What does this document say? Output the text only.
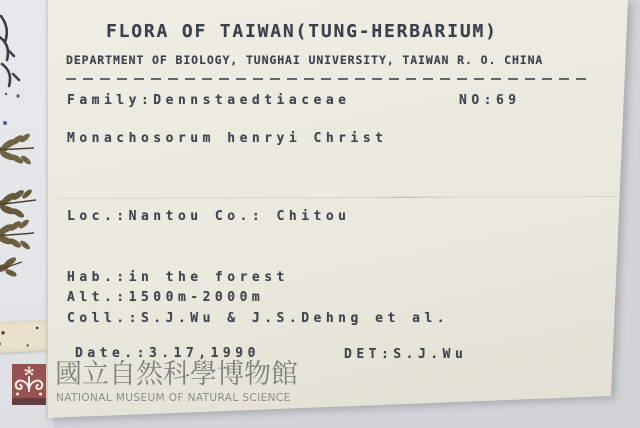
FLORA OF TAIWAN(TUNG-HERBARIUM)
DEPARTMENT OF BIOLOGY, TUNGHAI UNIVERSITY, TAIWAN R. O. CHINA
Family:Dennstaedtiaceae	NO:69
Monachosorum henryi Christ
Loc.:Nantou Co.: Chitou
Hab.:in the forest
Alt.:1500m-2000m
Coll.:S.J.Wu & J.S.Dehng et al.
Date.:3.17,1990	DET:S.J.Wu
國立自然科學博物館
NATIONAL MUSEUM OF NATURAL SCIENCE
